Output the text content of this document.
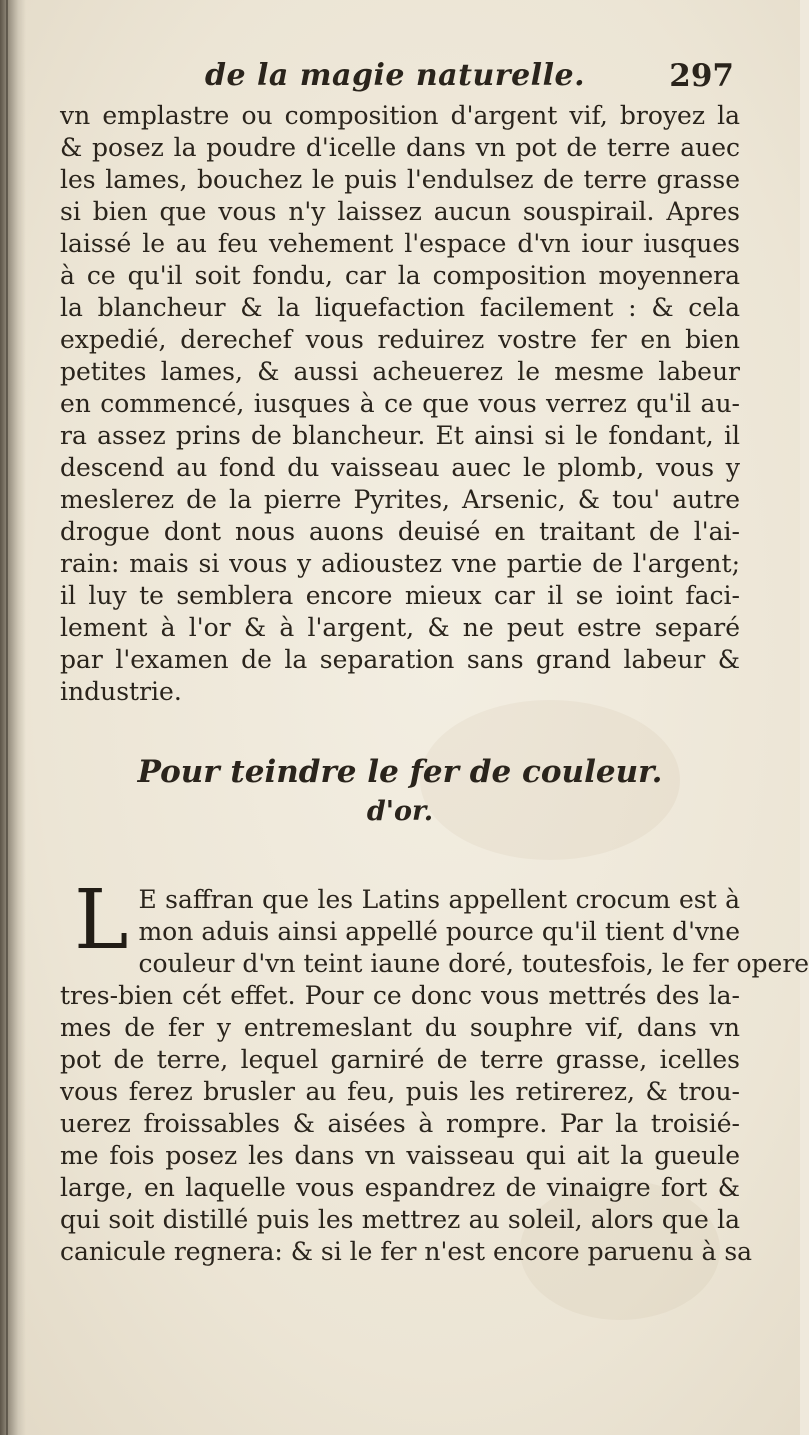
de la magie naturelle.	297
vn emplastre ou composition d'argent vif, broyez la
& posez la poudre d'icelle dans vn pot de terre auec
les lames, bouchez le puis l'endulsez de terre grasse
si bien que vous n'y laissez aucun souspirail. Apres
laissé le au feu vehement l'espace d'vn iour iusques
à ce qu'il soit fondu, car la composition moyennera
la blancheur & la liquefaction facilement : & cela
expedié, derechef vous reduirez vostre fer en bien
petites lames, & aussi acheuerez le mesme labeur
en commencé, iusques à ce que vous verrez qu'il au-
ra assez prins de blancheur. Et ainsi si le fondant, il
descend au fond du vaisseau auec le plomb, vous y
meslerez de la pierre Pyrites, Arsenic, & tou' autre
drogue dont nous auons deuisé en traitant de l'ai-
rain: mais si vous y adioustez vne partie de l'argent;
il luy te semblera encore mieux car il se ioint faci-
lement à l'or & à l'argent, & ne peut estre separé
par l'examen de la separation sans grand labeur &
industrie.
Pour teindre le fer de couleur.
d'or.
L E saffran que les Latins appellent crocum est à
mon aduis ainsi appellé pource qu'il tient d'vne
couleur d'vn teint iaune doré, toutesfois, le fer opere
tres-bien cét effet. Pour ce donc vous mettrés des la-
mes de fer y entremeslant du souphre vif, dans vn
pot de terre, lequel garniré de terre grasse, icelles
vous ferez brusler au feu, puis les retirerez, & trou-
uerez froissables & aisées à rompre. Par la troisié-
me fois posez les dans vn vaisseau qui ait la gueule
large, en laquelle vous espandrez de vinaigre fort &
qui soit distillé puis les mettrez au soleil, alors que la
canicule regnera: & si le fer n'est encore paruenu à sa
